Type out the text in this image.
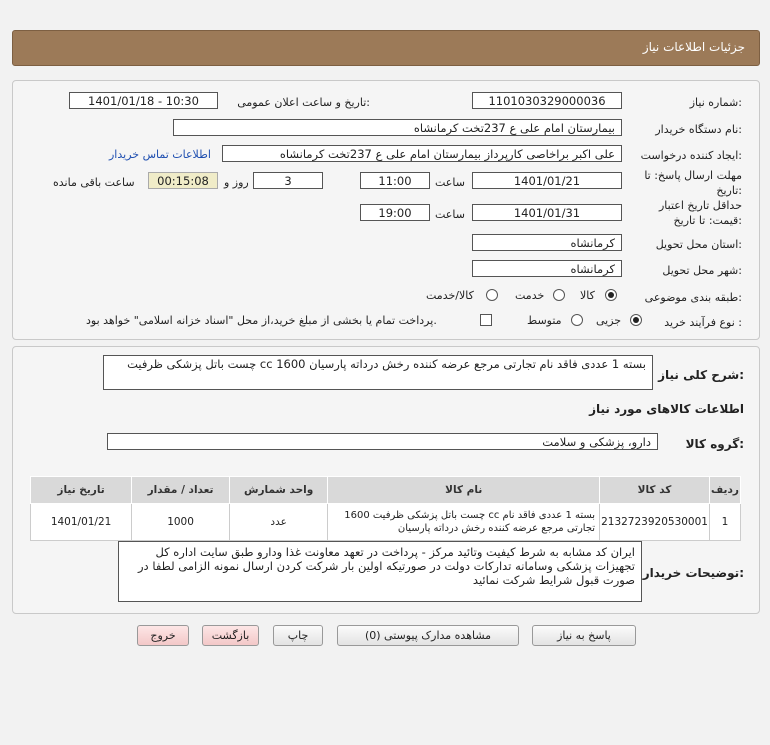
جزئیات اطلاعات نیاز
شماره نیاز:
1101030329000036
تاریخ و ساعت اعلان عمومی:
1401/01/18 - 10:30
نام دستگاه خریدار:
بیمارستان امام علی ع 237تخت کرمانشاه
ایجاد کننده درخواست:
علی اکبر براخاصی کارپرداز بیمارستان امام علی ع 237تخت کرمانشاه
اطلاعات تماس خریدار
مهلت ارسال پاسخ: تا تاریخ:
1401/01/21
ساعت
11:00
3
روز و
00:15:08
ساعت باقی مانده
حداقل تاریخ اعتبار قیمت: تا تاریخ:
1401/01/31
ساعت
19:00
استان محل تحویل:
کرمانشاه
شهر محل تحویل:
کرمانشاه
طبقه بندی موضوعی:
کالا
خدمت
کالا/خدمت
نوع فرآیند خرید :
جزیی
متوسط
پرداخت تمام یا بخشی از مبلغ خرید،از محل "اسناد خزانه اسلامی" خواهد بود.
شرح کلی نیاز:
چست باتل پزشکی ظرفیت cc 1600 بسته 1 عددی فاقد نام تجارتی مرجع عرضه کننده رخش درداته پارسیان
اطلاعات کالاهای مورد نیاز
گروه کالا:
دارو، پزشکی و سلامت
تاریخ نیاز	تعداد / مقدار	واحد شمارش	نام کالا	کد کالا	ردیف
1401/01/21	1000	عدد	چست باتل پزشکی ظرفیت 1600 cc بسته 1 عددی فاقد نام تجارتی مرجع عرضه کننده رخش درداته پارسیان	2132723920530001	1
توضیحات خریدار:
ایران کد مشابه به شرط کیفیت وتائید مرکز - پرداخت در تعهد معاونت غذا ودارو طبق سایت اداره کل تجهیزات پزشکی وسامانه تدارکات دولت در صورتیکه اولین بار شرکت کردن ارسال نمونه الزامی لطفا در صورت قبول شرایط شرکت نمائید
پاسخ به نیاز
مشاهده مدارک پیوستی (0)
چاپ
بازگشت
خروج
